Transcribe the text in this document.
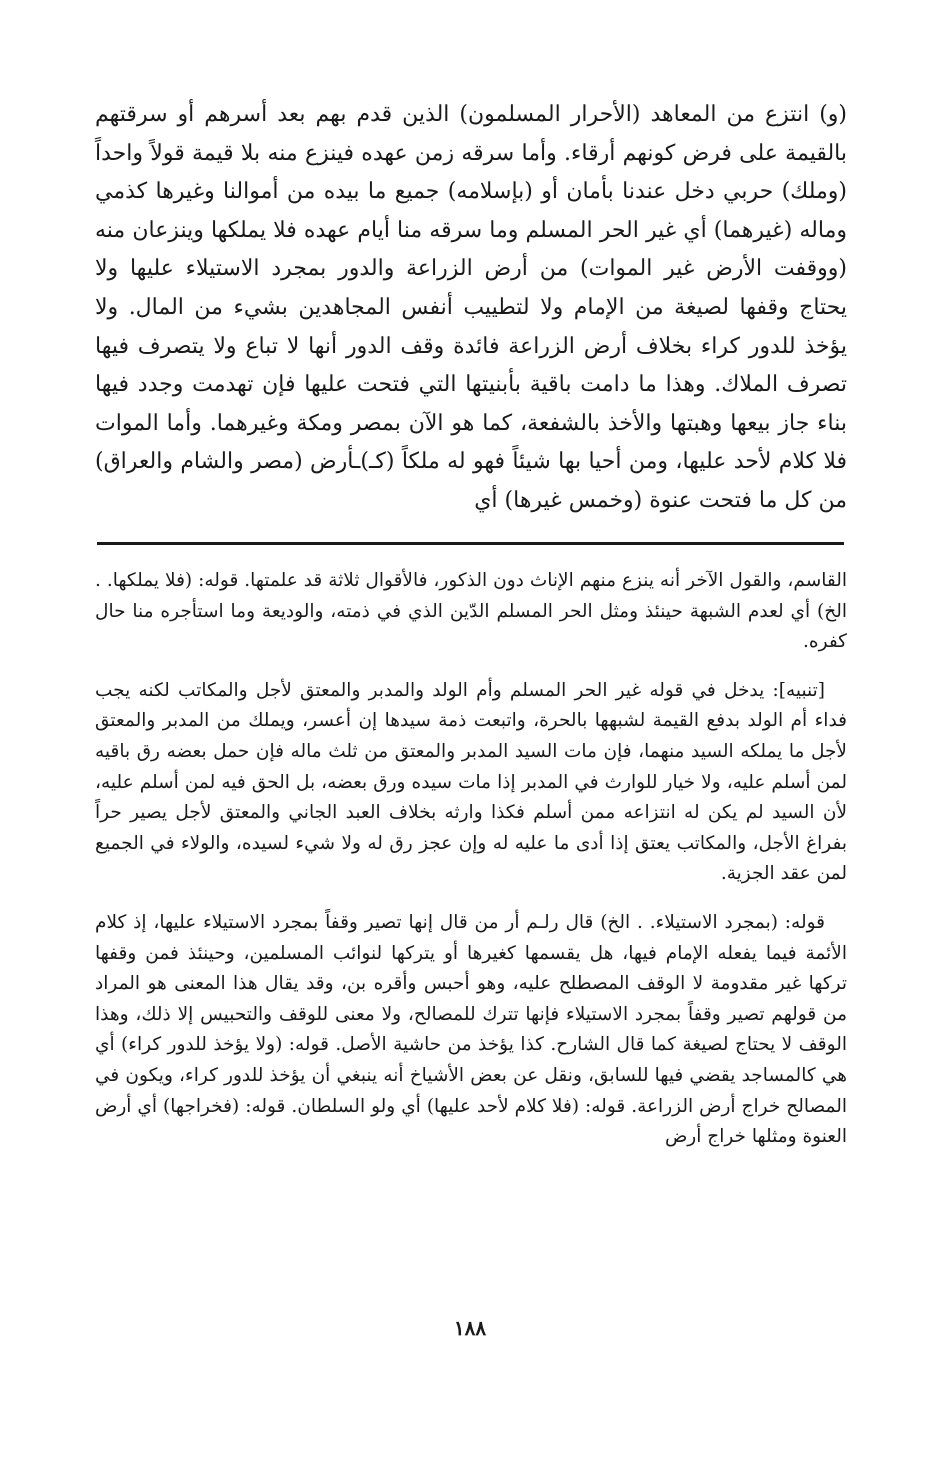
(و) انتزع من المعاهد (الأحرار المسلمون) الذين قدم بهم بعد أسرهم أو سرقتهم بالقيمة على فرض كونهم أرقاء. وأما سرقه زمن عهده فينزع منه بلا قيمة قولاً واحداً (وملك) حربي دخل عندنا بأمان أو (بإسلامه) جميع ما بيده من أموالنا وغيرها كذمي وماله (غيرهما) أي غير الحر المسلم وما سرقه منا أيام عهده فلا يملكها وينزعان منه (ووقفت الأرض غير الموات) من أرض الزراعة والدور بمجرد الاستيلاء عليها ولا يحتاج وقفها لصيغة من الإمام ولا لتطييب أنفس المجاهدين بشيء من المال. ولا يؤخذ للدور كراء بخلاف أرض الزراعة فائدة وقف الدور أنها لا تباع ولا يتصرف فيها تصرف الملاك. وهذا ما دامت باقية بأبنيتها التي فتحت عليها فإن تهدمت وجدد فيها بناء جاز بيعها وهبتها والأخذ بالشفعة، كما هو الآن بمصر ومكة وغيرهما. وأما الموات فلا كلام لأحد عليها، ومن أحيا بها شيئاً فهو له ملكاً (كـ)ـأرض (مصر والشام والعراق) من كل ما فتحت عنوة (وخمس غيرها) أي

القاسم، والقول الآخر أنه ينزع منهم الإناث دون الذكور، فالأقوال ثلاثة قد علمتها. قوله: (فلا يملكها. . الخ) أي لعدم الشبهة حينئذ ومثل الحر المسلم الدّين الذي في ذمته، والوديعة وما استأجره منا حال كفره.

[تنبيه]: يدخل في قوله غير الحر المسلم وأم الولد والمدبر والمعتق لأجل والمكاتب لكنه يجب فداء أم الولد بدفع القيمة لشبهها بالحرة، واتبعت ذمة سيدها إن أعسر، ويملك من المدبر والمعتق لأجل ما يملكه السيد منهما، فإن مات السيد المدبر والمعتق من ثلث ماله فإن حمل بعضه رق باقيه لمن أسلم عليه، ولا خيار للوارث في المدبر إذا مات سيده ورق بعضه، بل الحق فيه لمن أسلم عليه، لأن السيد لم يكن له انتزاعه ممن أسلم فكذا وارثه بخلاف العبد الجاني والمعتق لأجل يصير حراً بفراغ الأجل، والمكاتب يعتق إذا أدى ما عليه له وإن عجز رق له ولا شيء لسيده، والولاء في الجميع لمن عقد الجزية.

قوله: (بمجرد الاستيلاء. . الخ) قال رلـم أر من قال إنها تصير وقفاً بمجرد الاستيلاء عليها، إذ كلام الأئمة فيما يفعله الإمام فيها، هل يقسمها كغيرها أو يتركها لنوائب المسلمين، وحينئذ فمن وقفها تركها غير مقدومة لا الوقف المصطلح عليه، وهو أحبس وأقره بن، وقد يقال هذا المعنى هو المراد من قولهم تصير وقفاً بمجرد الاستيلاء فإنها تترك للمصالح، ولا معنى للوقف والتحبيس إلا ذلك، وهذا الوقف لا يحتاج لصيغة كما قال الشارح. كذا يؤخذ من حاشية الأصل. قوله: (ولا يؤخذ للدور كراء) أي هي كالمساجد يقضي فيها للسابق، ونقل عن بعض الأشياخ أنه ينبغي أن يؤخذ للدور كراء، ويكون في المصالح خراج أرض الزراعة. قوله: (فلا كلام لأحد عليها) أي ولو السلطان. قوله: (فخراجها) أي أرض العنوة ومثلها خراج أرض

١٨٨
